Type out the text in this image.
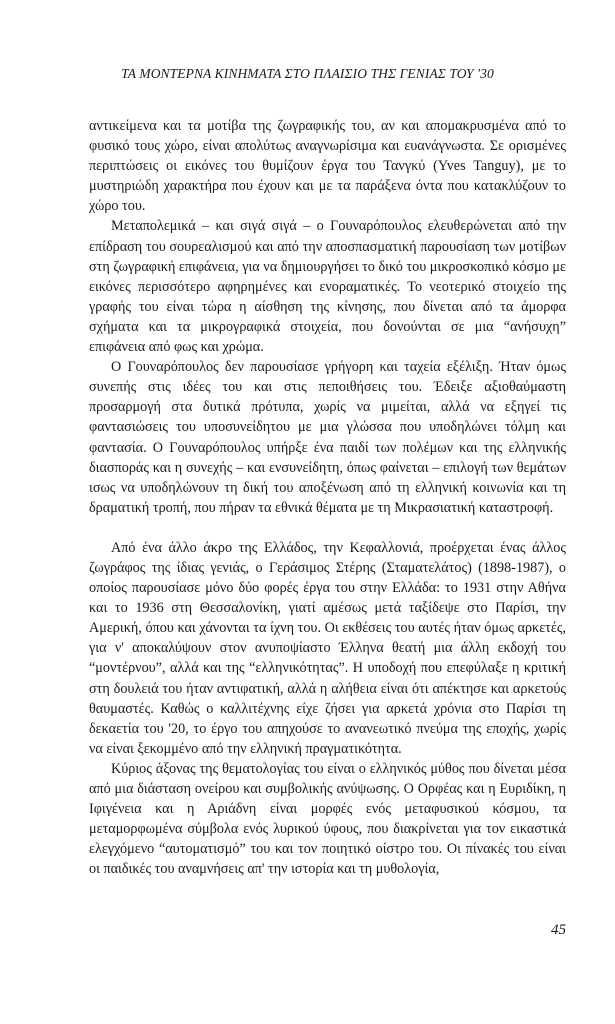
ΤΑ ΜΟΝΤΕΡΝΑ ΚΙΝΗΜΑΤΑ ΣΤΟ ΠΛΑΙΣΙΟ ΤΗΣ ΓΕΝΙΑΣ ΤΟΥ '30

αντικείμενα και τα μοτίβα της ζωγραφικής του, αν και απομακρυσμένα από το φυσικό τους χώρο, είναι απολύτως αναγνωρίσιμα και ευανάγνωστα. Σε ορισμένες περιπτώσεις οι εικόνες του θυμίζουν έργα του Τανγκύ (Yves Tanguy), με το μυστηριώδη χαρακτήρα που έχουν και με τα παράξενα όντα που κατακλύζουν το χώρο του.

Μεταπολεμικά – και σιγά σιγά – ο Γουναρόπουλος ελευθερώνεται από την επίδραση του σουρεαλισμού και από την αποσπασματική παρουσίαση των μοτίβων στη ζωγραφική επιφάνεια, για να δημιουργήσει το δικό του μικροσκοπικό κόσμο με εικόνες περισσότερο αφηρημένες και ενοραματικές. Το νεοτερικό στοιχείο της γραφής του είναι τώρα η αίσθηση της κίνησης, που δίνεται από τα άμορφα σχήματα και τα μικρογραφικά στοιχεία, που δονούνται σε μια “ανήσυχη” επιφάνεια από φως και χρώμα.

Ο Γουναρόπουλος δεν παρουσίασε γρήγορη και ταχεία εξέλιξη. Ήταν όμως συνεπής στις ιδέες του και στις πεποιθήσεις του. Έδειξε αξιοθαύμαστη προσαρμογή στα δυτικά πρότυπα, χωρίς να μιμείται, αλλά να εξηγεί τις φαντασιώσεις του υποσυνείδητου με μια γλώσσα που υποδηλώνει τόλμη και φαντασία. Ο Γουναρόπουλος υπήρξε ένα παιδί των πολέμων και της ελληνικής διασποράς και η συνεχής – και ενσυνείδητη, όπως φαίνεται – επιλογή των θεμάτων ισως να υποδηλώνουν τη δική του αποξένωση από τη ελληνική κοινωνία και τη δραματική τροπή, που πήραν τα εθνικά θέματα με τη Μικρασιατική καταστροφή.

Από ένα άλλο άκρο της Ελλάδος, την Κεφαλλονιά, προέρχεται ένας άλλος ζωγράφος της ίδιας γενιάς, ο Γεράσιμος Στέρης (Σταματελάτος) (1898-1987), ο οποίος παρουσίασε μόνο δύο φορές έργα του στην Ελλάδα: το 1931 στην Αθήνα και το 1936 στη Θεσσαλονίκη, γιατί αμέσως μετά ταξίδεψε στο Παρίσι, την Αμερική, όπου και χάνονται τα ίχνη του. Οι εκθέσεις του αυτές ήταν όμως αρκετές, για ν' αποκαλύψουν στον ανυποψίαστο Έλληνα θεατή μια άλλη εκδοχή του “μοντέρνου”, αλλά και της “ελληνικότητας”. Η υποδοχή που επεφύλαξε η κριτική στη δουλειά του ήταν αντιφατική, αλλά η αλήθεια είναι ότι απέκτησε και αρκετούς θαυμαστές. Καθώς ο καλλιτέχνης είχε ζήσει για αρκετά χρόνια στο Παρίσι τη δεκαετία του '20, το έργο του απηχούσε το ανανεωτικό πνεύμα της εποχής, χωρίς να είναι ξεκομμένο από την ελληνική πραγματικότητα.

Κύριος άξονας της θεματολογίας του είναι ο ελληνικός μύθος που δίνεται μέσα από μια διάσταση ονείρου και συμβολικής ανύψωσης. Ο Ορφέας και η Ευριδίκη, η Ιφιγένεια και η Αριάδνη είναι μορφές ενός μεταφυσικού κόσμου, τα μεταμορφωμένα σύμβολα ενός λυρικού ύφους, που διακρίνεται για τον εικαστικά ελεγχόμενο “αυτοματισμό” του και τον ποιητικό οίστρο του. Οι πίνακές του είναι οι παιδικές του αναμνήσεις απ' την ιστορία και τη μυθολογία,

45
